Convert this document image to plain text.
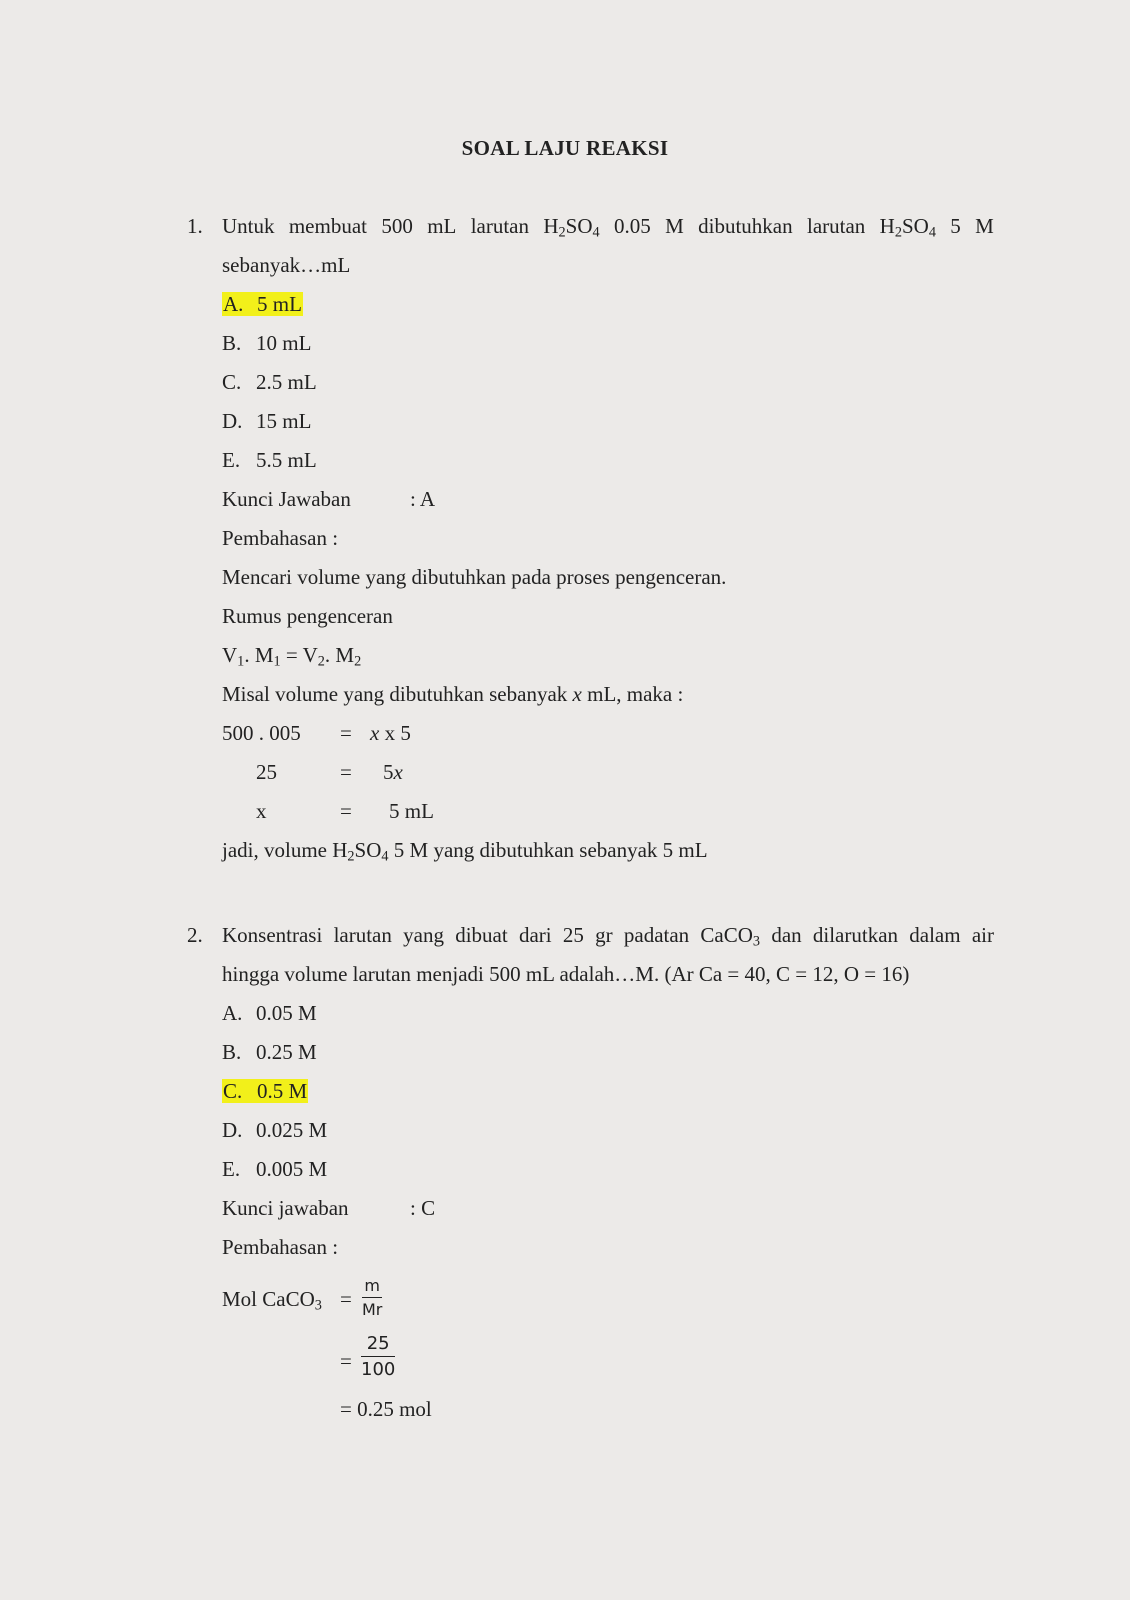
SOAL LAJU REAKSI
1. Untuk membuat 500 mL larutan $H_2SO_4$ 0.05 M dibutuhkan larutan $H_2SO_4$ 5 M
sebanyak…mL
A. 5 mL
B. 10 mL
C. 2.5 mL
D. 15 mL
E. 5.5 mL
Kunci Jawaban	: A
Pembahasan :
Mencari volume yang dibutuhkan pada proses pengenceran.
Rumus pengenceran
$V_1$. $M_1 = V_2$. $M_2$
Misal volume yang dibutuhkan sebanyak x mL, maka :
500 . 005 = x x 5
25	= 5x
x	= 5 mL
jadi, volume $H_2SO_4$ 5 M yang dibutuhkan sebanyak 5 mL
2. Konsentrasi larutan yang dibuat dari 25 gr padatan CaCO$_3$ dan dilarutkan dalam air
hingga volume larutan menjadi 500 mL adalah…M. (Ar Ca = 40, C = 12, O = 16)
A. 0.05 M
B. 0.25 M
C. 0.5 M
D. 0.025 M
E. 0.005 M
Kunci jawaban	: C
Pembahasan :
Mol CaCO$_3$ =
m
Mr
=
25
100
= 0.25 mol
